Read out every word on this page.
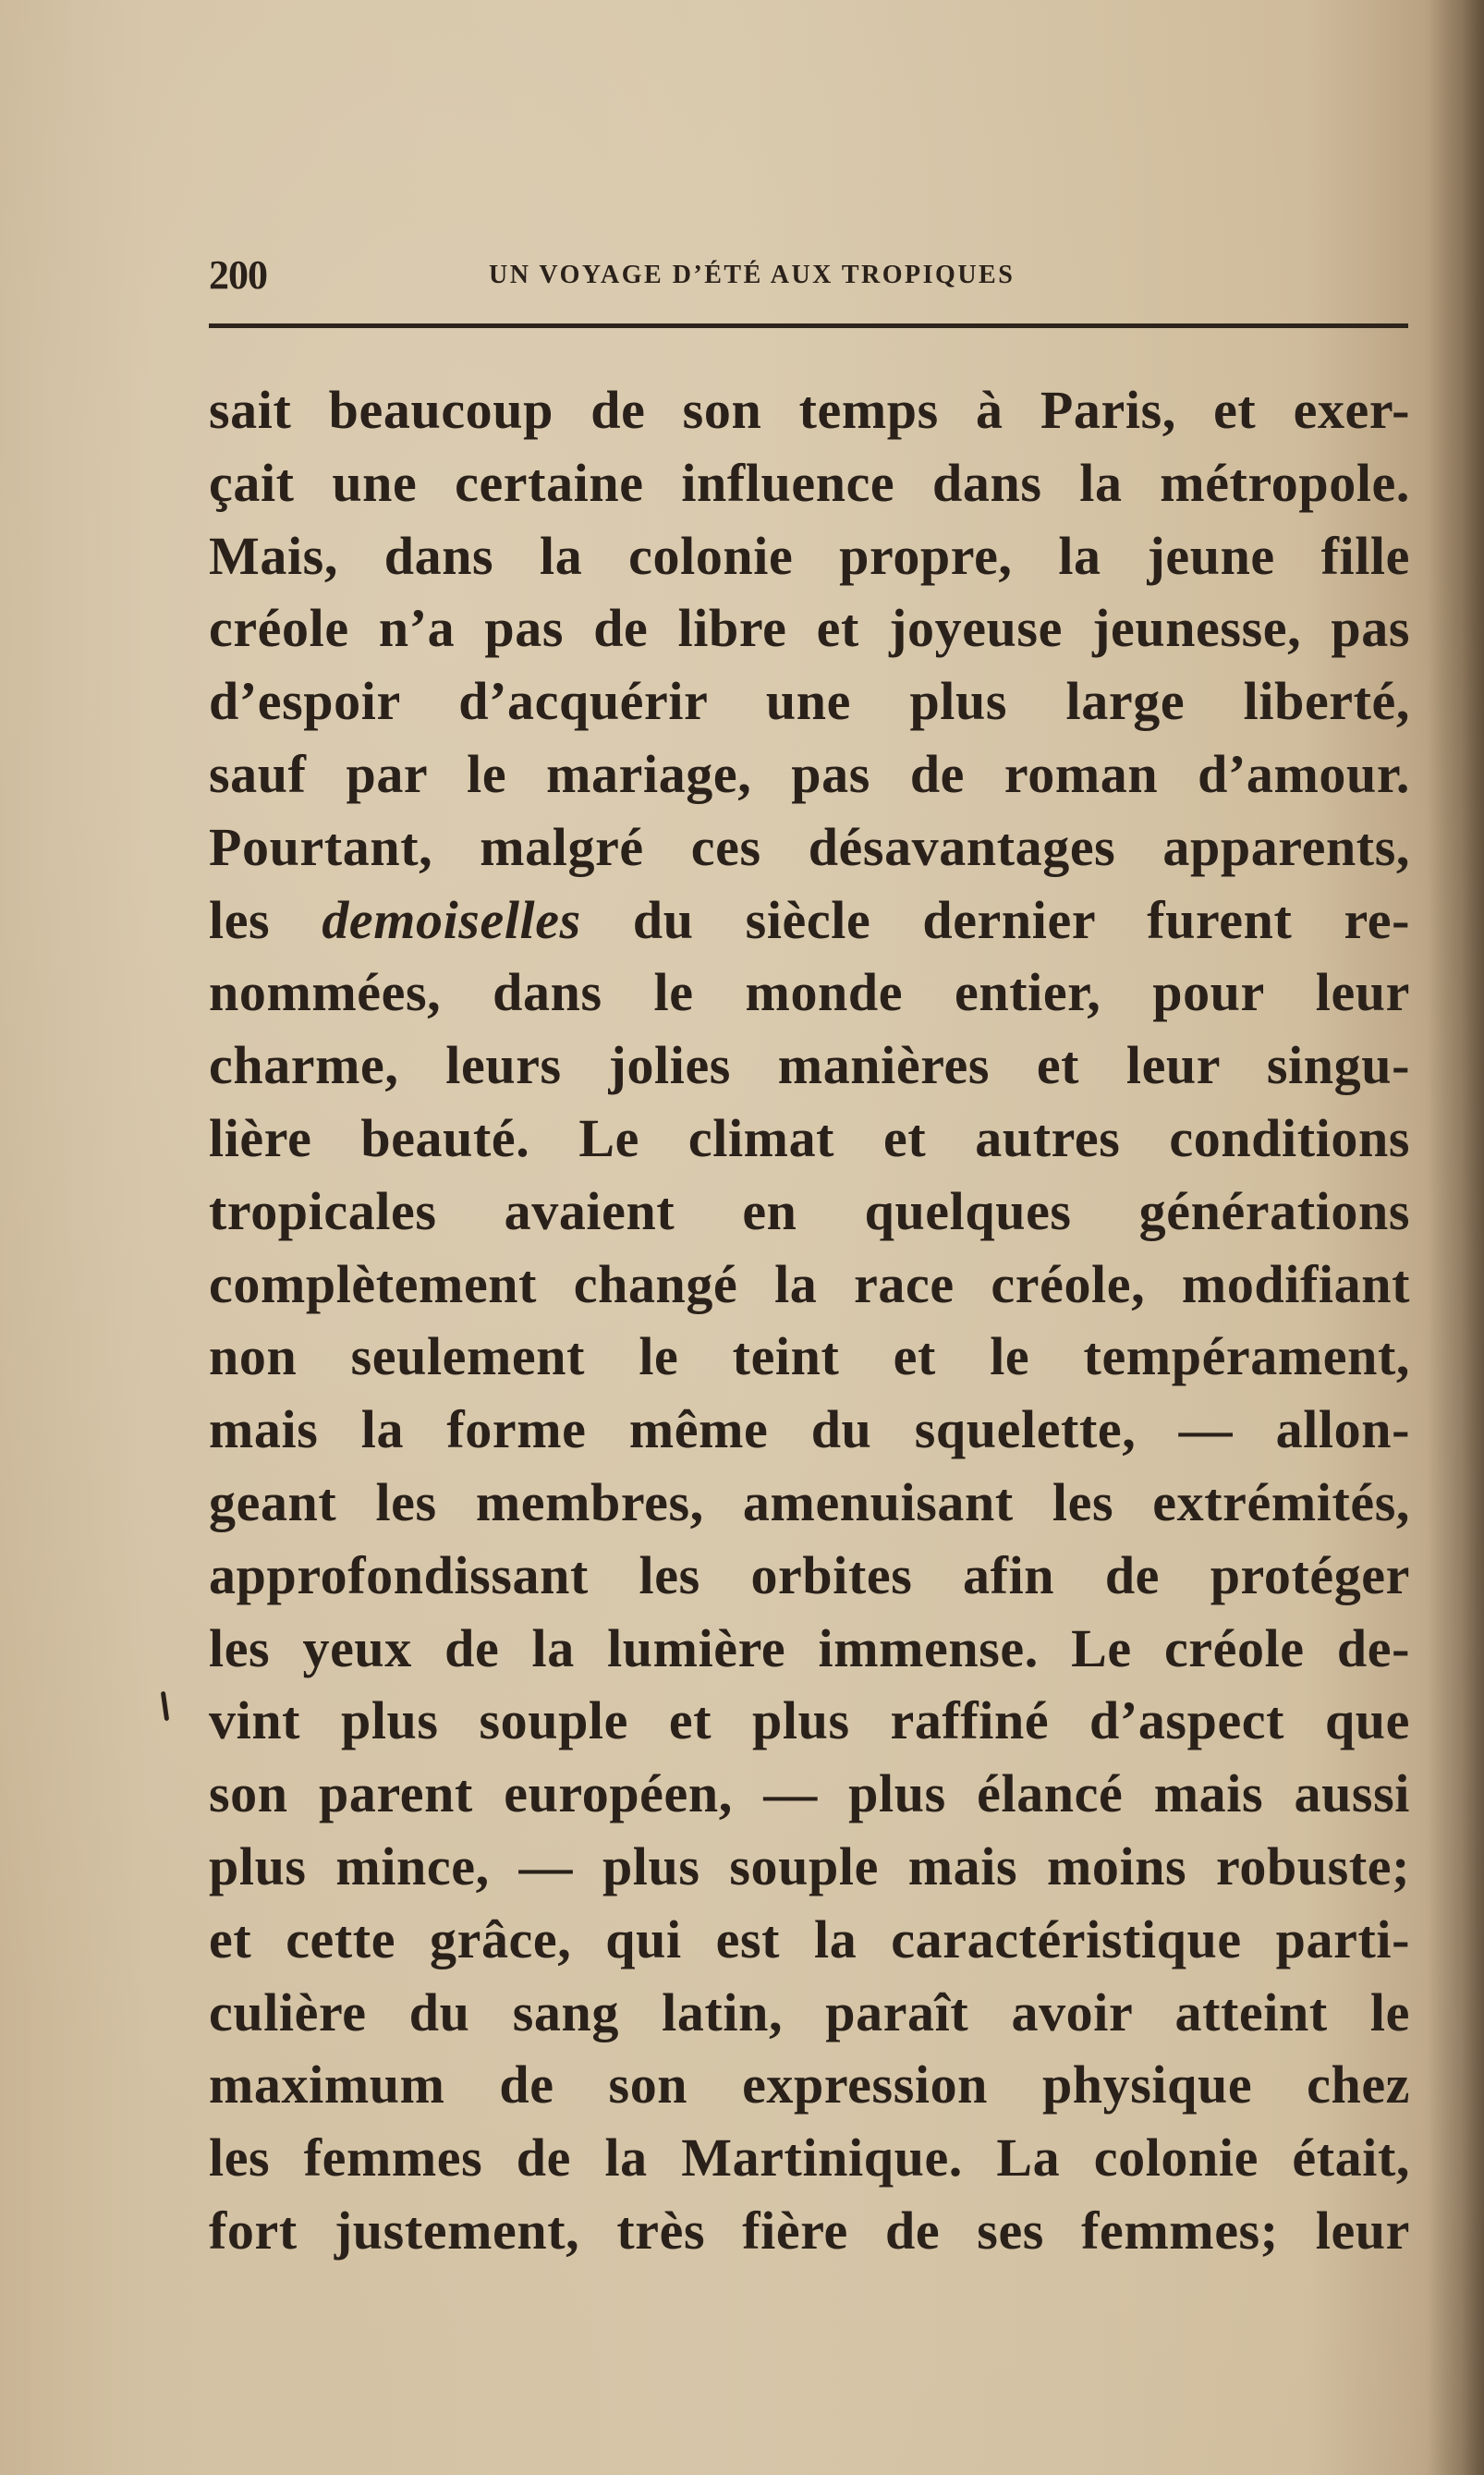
200	UN VOYAGE D’ÉTÉ AUX TROPIQUES
sait beaucoup de son temps à Paris, et exer-
çait une certaine influence dans la métropole.
Mais, dans la colonie propre, la jeune fille
créole n’a pas de libre et joyeuse jeunesse, pas
d’espoir d’acquérir une plus large liberté,
sauf par le mariage, pas de roman d’amour.
Pourtant, malgré ces désavantages apparents,
les demoiselles du siècle dernier furent re-
nommées, dans le monde entier, pour leur
charme, leurs jolies manières et leur singu-
lière beauté. Le climat et autres conditions
tropicales avaient en quelques générations
complètement changé la race créole, modifiant
non seulement le teint et le tempérament,
mais la forme même du squelette, — allon-
geant les membres, amenuisant les extrémités,
approfondissant les orbites afin de protéger
les yeux de la lumière immense. Le créole de-
vint plus souple et plus raffiné d’aspect que
son parent européen, — plus élancé mais aussi
plus mince, — plus souple mais moins robuste;
et cette grâce, qui est la caractéristique parti-
culière du sang latin, paraît avoir atteint le
maximum de son expression physique chez
les femmes de la Martinique. La colonie était,
fort justement, très fière de ses femmes; leur
